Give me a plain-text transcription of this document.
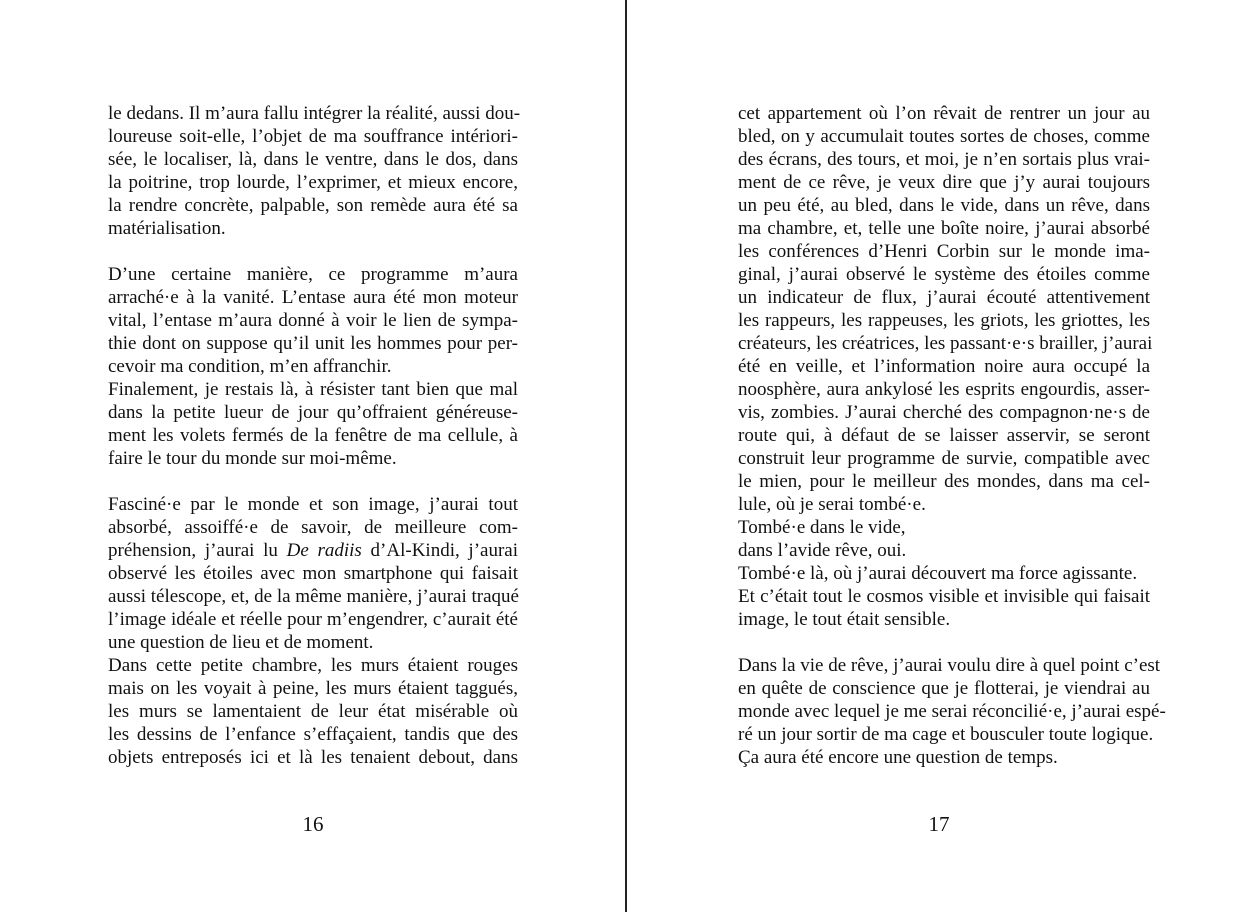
le dedans. Il m’aura fallu intégrer la réalité, aussi dou-
loureuse soit-elle, l’objet de ma souffrance intériori-
sée, le localiser, là, dans le ventre, dans le dos, dans
la poitrine, trop lourde, l’exprimer, et mieux encore,
la rendre concrète, palpable, son remède aura été sa
matérialisation.
D’une certaine manière, ce programme m’aura
arraché·e à la vanité. L’entase aura été mon moteur
vital, l’entase m’aura donné à voir le lien de sympa-
thie dont on suppose qu’il unit les hommes pour per-
cevoir ma condition, m’en affranchir.
Finalement, je restais là, à résister tant bien que mal
dans la petite lueur de jour qu’offraient généreuse-
ment les volets fermés de la fenêtre de ma cellule, à
faire le tour du monde sur moi-même.
Fasciné·e par le monde et son image, j’aurai tout
absorbé, assoiffé·e de savoir, de meilleure com-
préhension, j’aurai lu De radiis d’Al-Kindi, j’aurai
observé les étoiles avec mon smartphone qui faisait
aussi télescope, et, de la même manière, j’aurai traqué
l’image idéale et réelle pour m’engendrer, c’aurait été
une question de lieu et de moment.
Dans cette petite chambre, les murs étaient rouges
mais on les voyait à peine, les murs étaient taggués,
les murs se lamentaient de leur état misérable où
les dessins de l’enfance s’effaçaient, tandis que des
objets entreposés ici et là les tenaient debout, dans
16
cet appartement où l’on rêvait de rentrer un jour au
bled, on y accumulait toutes sortes de choses, comme
des écrans, des tours, et moi, je n’en sortais plus vrai-
ment de ce rêve, je veux dire que j’y aurai toujours
un peu été, au bled, dans le vide, dans un rêve, dans
ma chambre, et, telle une boîte noire, j’aurai absorbé
les conférences d’Henri Corbin sur le monde ima-
ginal, j’aurai observé le système des étoiles comme
un indicateur de flux, j’aurai écouté attentivement
les rappeurs, les rappeuses, les griots, les griottes, les
créateurs, les créatrices, les passant·e·s brailler, j’aurai
été en veille, et l’information noire aura occupé la
noosphère, aura ankylosé les esprits engourdis, asser-
vis, zombies. J’aurai cherché des compagnon·ne·s de
route qui, à défaut de se laisser asservir, se seront
construit leur programme de survie, compatible avec
le mien, pour le meilleur des mondes, dans ma cel-
lule, où je serai tombé·e.
Tombé·e dans le vide,
dans l’avide rêve, oui.
Tombé·e là, où j’aurai découvert ma force agissante.
Et c’était tout le cosmos visible et invisible qui faisait
image, le tout était sensible.
Dans la vie de rêve, j’aurai voulu dire à quel point c’est
en quête de conscience que je flotterai, je viendrai au
monde avec lequel je me serai réconcilié·e, j’aurai espé-
ré un jour sortir de ma cage et bousculer toute logique.
Ça aura été encore une question de temps.
17
